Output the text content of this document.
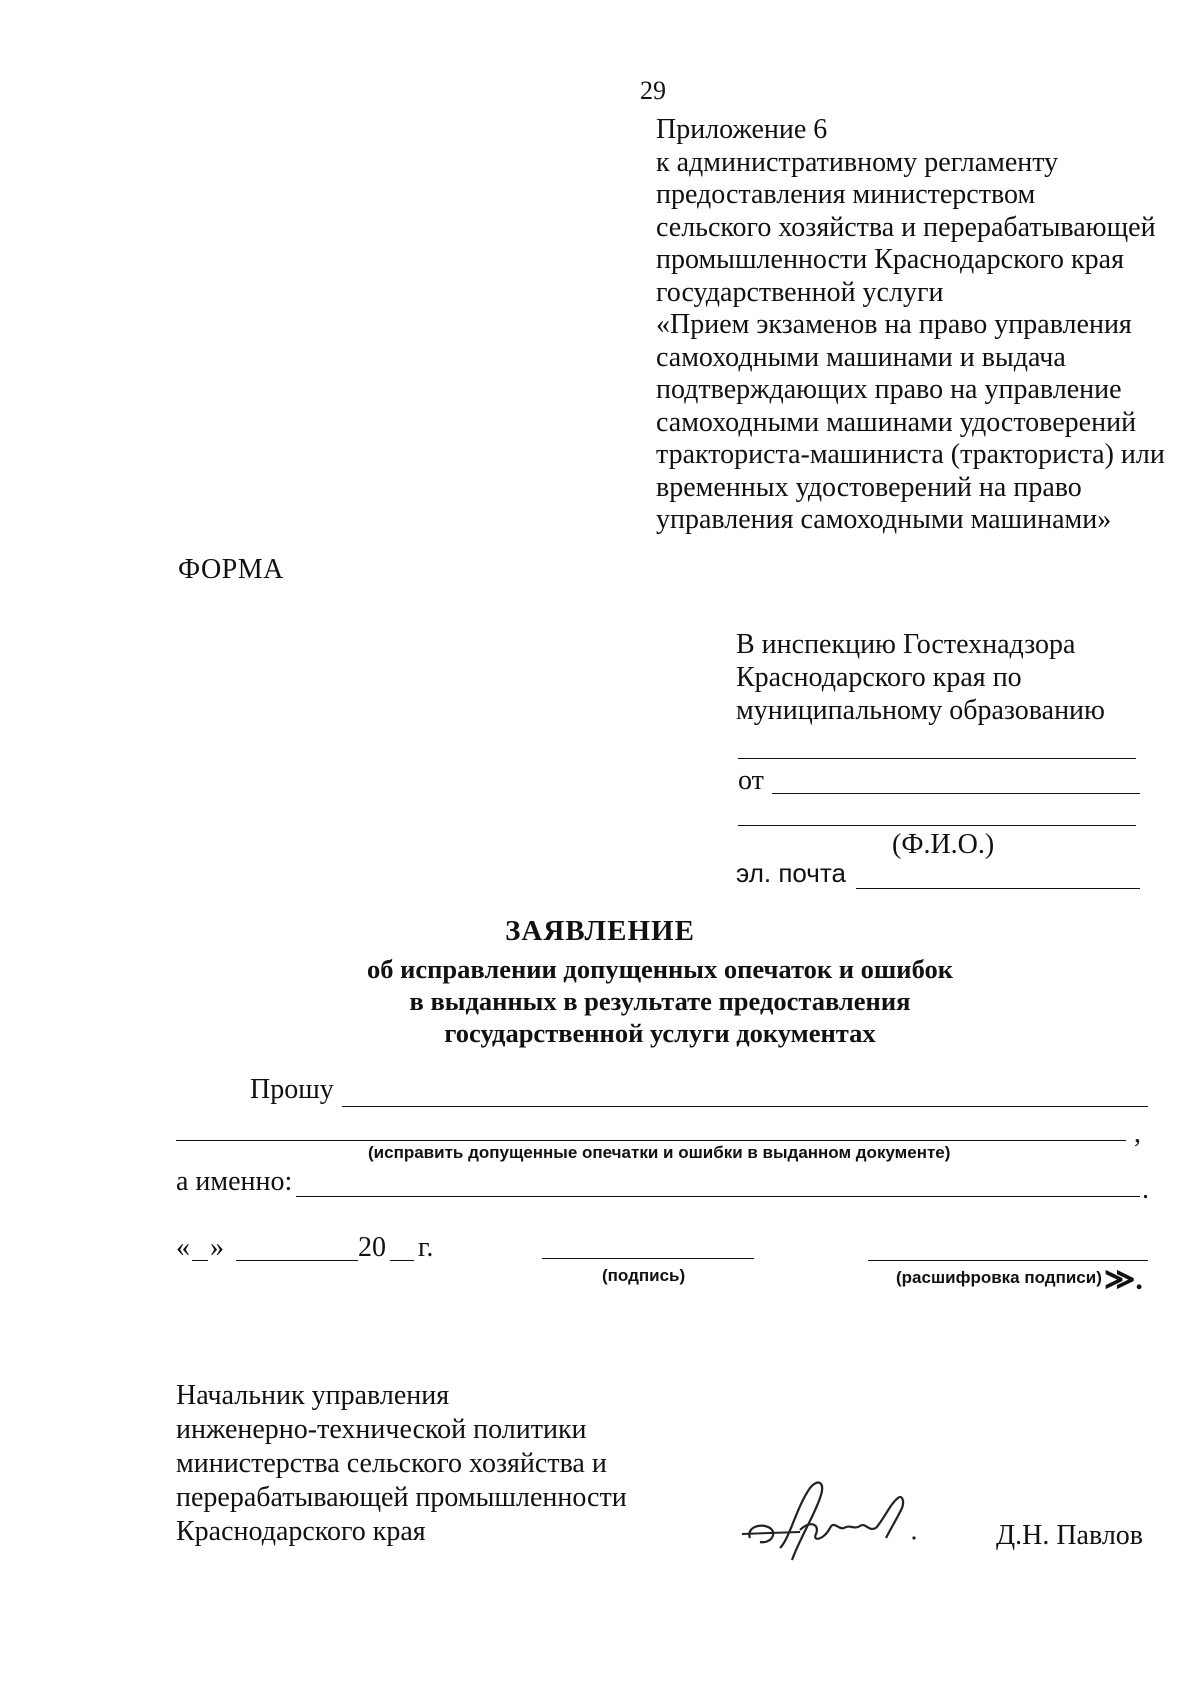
29
Приложение 6
к административному регламенту
предоставления министерством
сельского хозяйства и перерабатывающей
промышленности Краснодарского края
государственной услуги
«Прием экзаменов на право управления
самоходными машинами и выдача
подтверждающих право на управление
самоходными машинами удостоверений
тракториста-машиниста (тракториста) или
временных удостоверений на право
управления самоходными машинами»
ФОРМА
В инспекцию Гостехнадзора
Краснодарского края по
муниципальному образованию
от
(Ф.И.О.)
эл. почта
ЗАЯВЛЕНИЕ
об исправлении допущенных опечаток и ошибок
в выданных в результате предоставления
государственной услуги документах
Прошу
,
(исправить допущенные опечатки и ошибки в выданном документе)
а именно:	.
« »	20 г.
(подпись)	(расшифровка подписи) ≫.
Начальник управления
инженерно-технической политики
министерства сельского хозяйства и
перерабатывающей промышленности
Краснодарского края	Д.Н. Павлов
